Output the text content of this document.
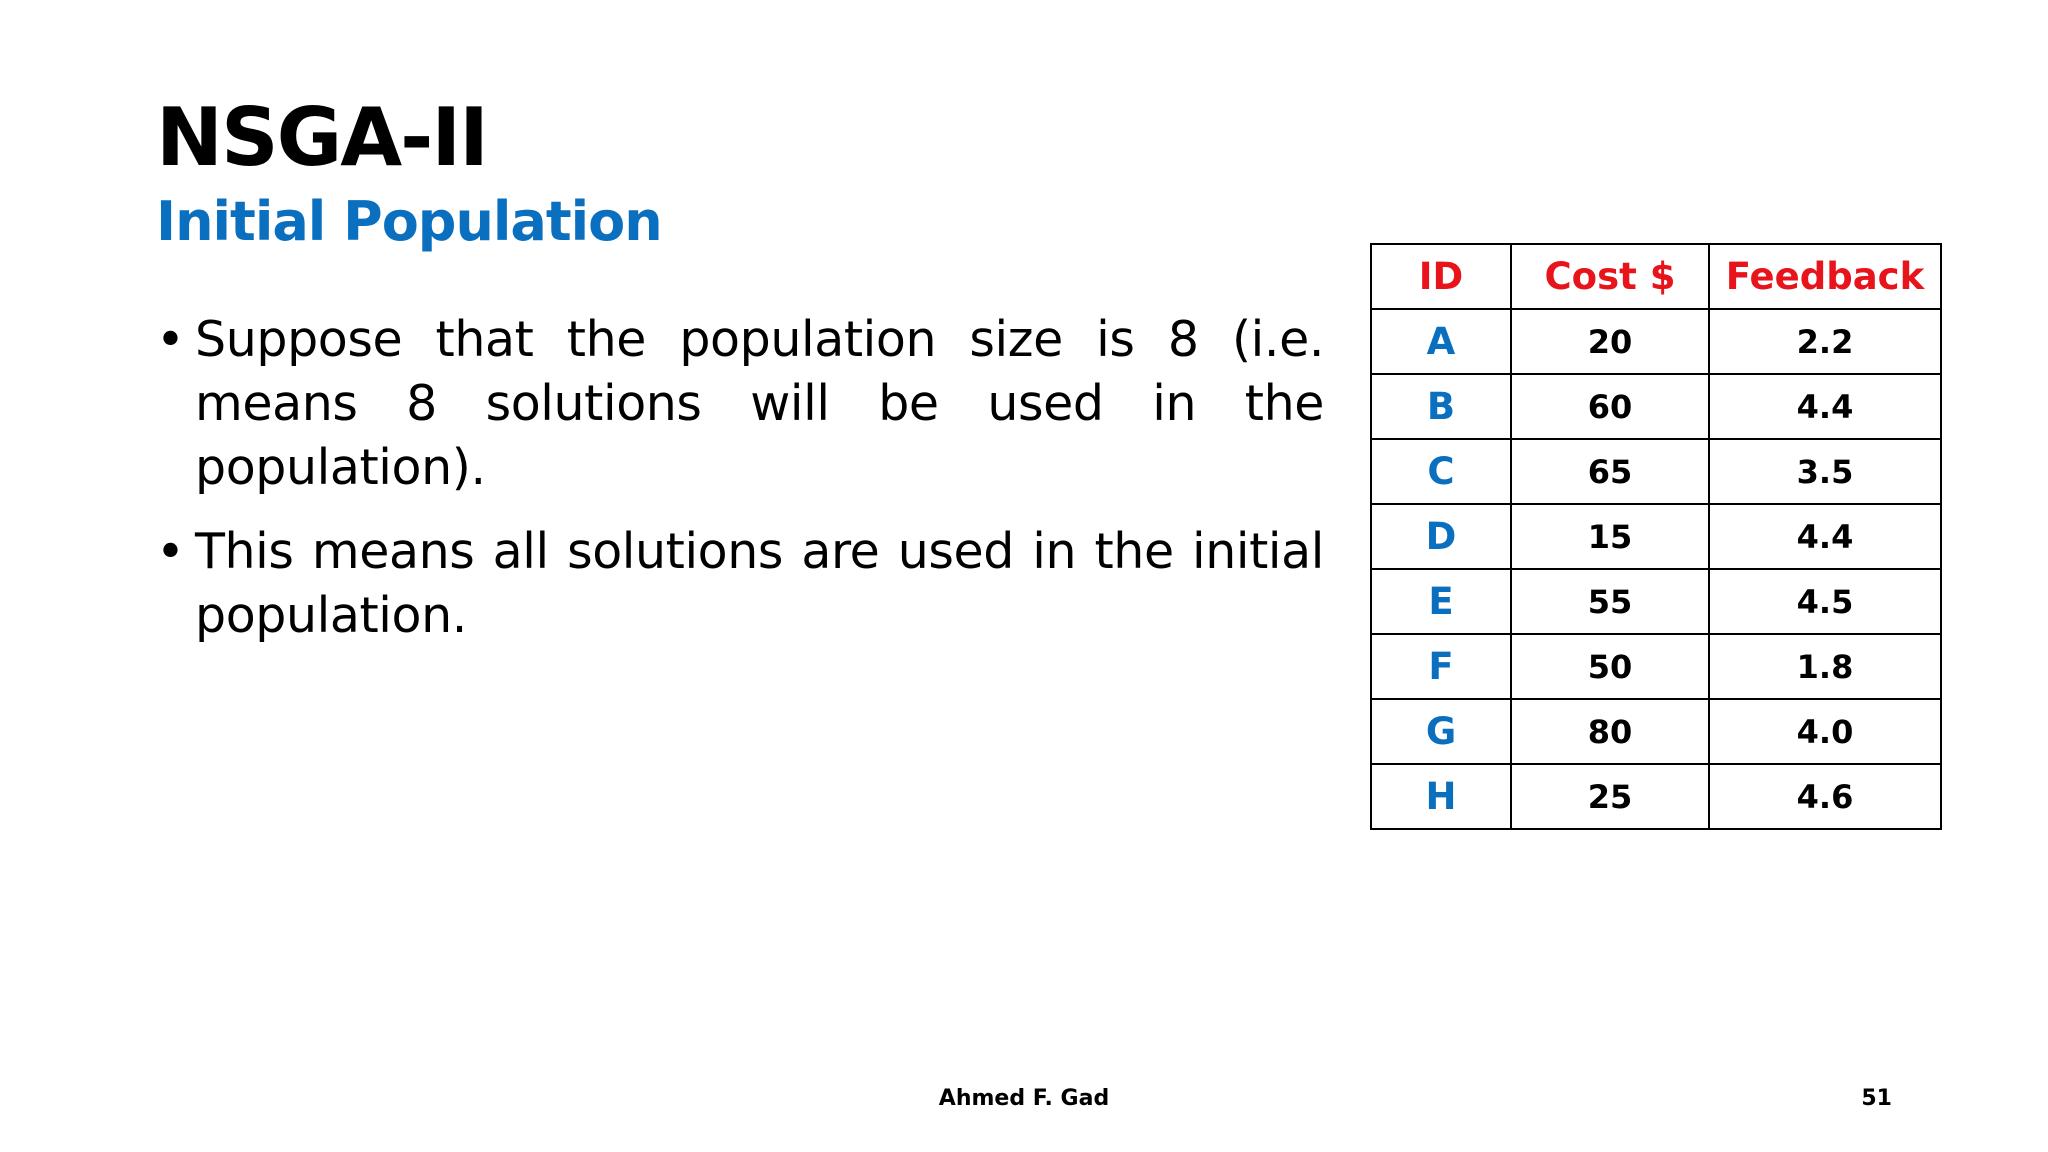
NSGA-II
Initial Population
• Suppose that the population size is 8 (i.e. means 8 solutions will be used in the population).
• This means all solutions are used in the initial population.
ID	Cost $	Feedback
A	20	2.2
B	60	4.4
C	65	3.5
D	15	4.4
E	55	4.5
F	50	1.8
G	80	4.0
H	25	4.6
Ahmed F. Gad	51
